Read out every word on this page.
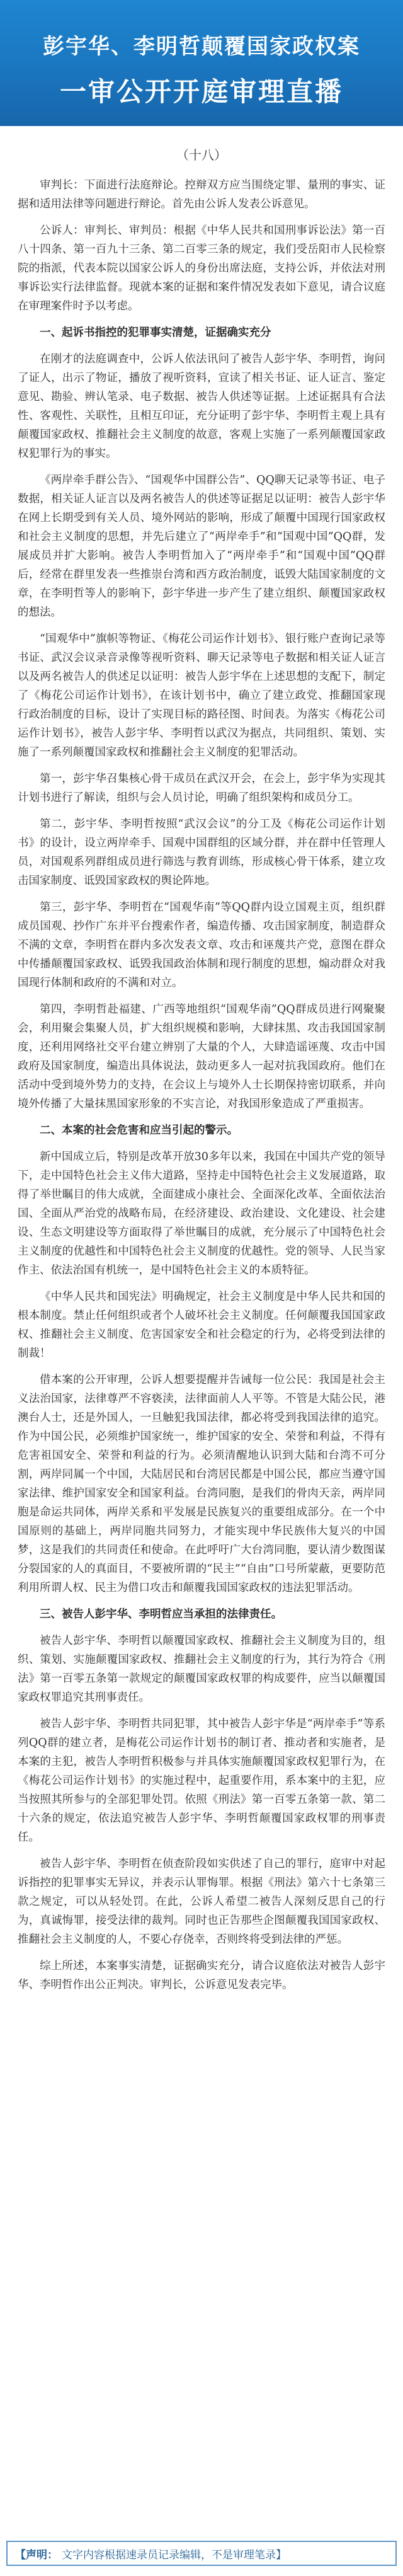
彭宇华、李明哲颠覆国家政权案
一审公开开庭审理直播
（十八）

审判长：下面进行法庭辩论。控辩双方应当围绕定罪、量刑的事实、证据和适用法律等问题进行辩论。首先由公诉人发表公诉意见。

公诉人：审判长、审判员：根据《中华人民共和国刑事诉讼法》第一百八十四条、第一百九十三条、第二百零三条的规定，我们受岳阳市人民检察院的指派，代表本院以国家公诉人的身份出席法庭，支持公诉，并依法对刑事诉讼实行法律监督。现就本案的证据和案件情况发表如下意见，请合议庭在审理案件时予以考虑。

一、起诉书指控的犯罪事实清楚，证据确实充分

在刚才的法庭调查中，公诉人依法讯问了被告人彭宇华、李明哲，询问了证人，出示了物证，播放了视听资料，宣读了相关书证、证人证言、鉴定意见、勘验、辨认笔录、电子数据、被告人供述等证据。上述证据具有合法性、客观性、关联性，且相互印证，充分证明了彭宇华、李明哲主观上具有颠覆国家政权、推翻社会主义制度的故意，客观上实施了一系列颠覆国家政权犯罪行为的事实。

《两岸牵手群公告》、“国观华中国群公告”、QQ聊天记录等书证、电子数据，相关证人证言以及两名被告人的供述等证据足以证明：被告人彭宇华在网上长期受到有关人员、境外网站的影响，形成了颠覆中国现行国家政权和社会主义制度的思想，并先后建立了“两岸牵手”和“国观中国”QQ群，发展成员并扩大影响。被告人李明哲加入了“两岸牵手”和“国观中国”QQ群后，经常在群里发表一些推崇台湾和西方政治制度，诋毁大陆国家制度的文章，在李明哲等人的影响下，彭宇华进一步产生了建立组织、颠覆国家政权的想法。

“国观华中”旗帜等物证、《梅花公司运作计划书》、银行账户查询记录等书证、武汉会议录音录像等视听资料、聊天记录等电子数据和相关证人证言以及两名被告人的供述足以证明：被告人彭宇华在上述思想的支配下，制定了《梅花公司运作计划书》，在该计划书中，确立了建立政党、推翻国家现行政治制度的目标，设计了实现目标的路径图、时间表。为落实《梅花公司运作计划书》，被告人彭宇华、李明哲以武汉为据点，共同组织、策划、实施了一系列颠覆国家政权和推翻社会主义制度的犯罪活动。

第一，彭宇华召集核心骨干成员在武汉开会，在会上，彭宇华为实现其计划书进行了解读，组织与会人员讨论，明确了组织架构和成员分工。

第二，彭宇华、李明哲按照“武汉会议”的分工及《梅花公司运作计划书》的设计，设立两岸牵手、国观中国群组的区域分群，并在群中任管理人员，对国观系列群组成员进行筛选与教育训练，形成核心骨干体系，建立攻击国家制度、诋毁国家政权的舆论阵地。

第三，彭宇华、李明哲在“国观华南”等QQ群内设立国观主页，组织群成员国观、抄作广东并平台搜索作者，编造传播、攻击国家制度，制造群众不满的文章，李明哲在群内多次发表文章、攻击和诬蔑共产党，意图在群众中传播颠覆国家政权、诋毁我国政治体制和现行制度的思想，煽动群众对我国现行体制和政府的不满和对立。

第四，李明哲赴福建、广西等地组织“国观华南”QQ群成员进行网聚聚会，利用聚会集聚人员，扩大组织规模和影响，大肆抹黑、攻击我国国家制度，还利用网络社交平台建立辨别了大量的个人，大肆造谣诬蔑、攻击中国政府及国家制度，编造出具体说法，鼓动更多人一起对抗我国政府。他们在活动中受到境外势力的支持，在会议上与境外人士长期保持密切联系，并向境外传播了大量抹黑国家形象的不实言论，对我国形象造成了严重损害。

二、本案的社会危害和应当引起的警示。

新中国成立后，特别是改革开放30多年以来，我国在中国共产党的领导下，走中国特色社会主义伟大道路，坚持走中国特色社会主义发展道路，取得了举世瞩目的伟大成就，全面建成小康社会、全面深化改革、全面依法治国、全面从严治党的战略布局，在经济建设、政治建设、文化建设、社会建设、生态文明建设等方面取得了举世瞩目的成就，充分展示了中国特色社会主义制度的优越性和中国特色社会主义制度的优越性。党的领导、人民当家作主、依法治国有机统一，是中国特色社会主义的本质特征。

《中华人民共和国宪法》明确规定，社会主义制度是中华人民共和国的根本制度。禁止任何组织或者个人破坏社会主义制度。任何颠覆我国国家政权、推翻社会主义制度、危害国家安全和社会稳定的行为，必将受到法律的制裁！

借本案的公开审理，公诉人想要提醒并告诫每一位公民：我国是社会主义法治国家，法律尊严不容亵渎，法律面前人人平等。不管是大陆公民，港澳台人士，还是外国人，一旦触犯我国法律，都必将受到我国法律的追究。作为中国公民，必须维护国家统一，维护国家的安全、荣誉和利益，不得有危害祖国安全、荣誉和利益的行为。必须清醒地认识到大陆和台湾不可分割，两岸同属一个中国，大陆居民和台湾居民都是中国公民，都应当遵守国家法律、维护国家安全和国家利益。台湾同胞，是我们的骨肉天亲，两岸同胞是命运共同体，两岸关系和平发展是民族复兴的重要组成部分。在一个中国原则的基础上，两岸同胞共同努力，才能实现中华民族伟大复兴的中国梦，这是我们的共同责任和使命。在此呼吁广大台湾同胞，要认清少数图谋分裂国家的人的真面目，不要被所谓的“民主”“自由”口号所蒙蔽，更要防范利用所谓人权、民主为借口攻击和颠覆我国国家政权的违法犯罪活动。

三、被告人彭宇华、李明哲应当承担的法律责任。

被告人彭宇华、李明哲以颠覆国家政权、推翻社会主义制度为目的，组织、策划、实施颠覆国家政权、推翻社会主义制度的行为，其行为符合《刑法》第一百零五条第一款规定的颠覆国家政权罪的构成要件，应当以颠覆国家政权罪追究其刑事责任。

被告人彭宇华、李明哲共同犯罪，其中被告人彭宇华是“两岸牵手”等系列QQ群的建立者，是梅花公司运作计划书的制订者、推动者和实施者，是本案的主犯，被告人李明哲积极参与并具体实施颠覆国家政权犯罪行为，在《梅花公司运作计划书》的实施过程中，起重要作用，系本案中的主犯，应当按照其所参与的全部犯罪处罚。依照《刑法》第一百零五条第一款、第二十六条的规定，依法追究被告人彭宇华、李明哲颠覆国家政权罪的刑事责任。

被告人彭宇华、李明哲在侦查阶段如实供述了自己的罪行，庭审中对起诉指控的犯罪事实无异议，并表示认罪悔罪。根据《刑法》第六十七条第三款之规定，可以从轻处罚。在此，公诉人希望二被告人深刻反思自己的行为，真诚悔罪，接受法律的裁判。同时也正告那些企图颠覆我国国家政权、推翻社会主义制度的人，不要心存侥幸，否则终将受到法律的严惩。

综上所述，本案事实清楚，证据确实充分，请合议庭依法对被告人彭宇华、李明哲作出公正判决。审判长，公诉意见发表完毕。

【声明： 文字内容根据速录员记录编辑，不是审理笔录】
